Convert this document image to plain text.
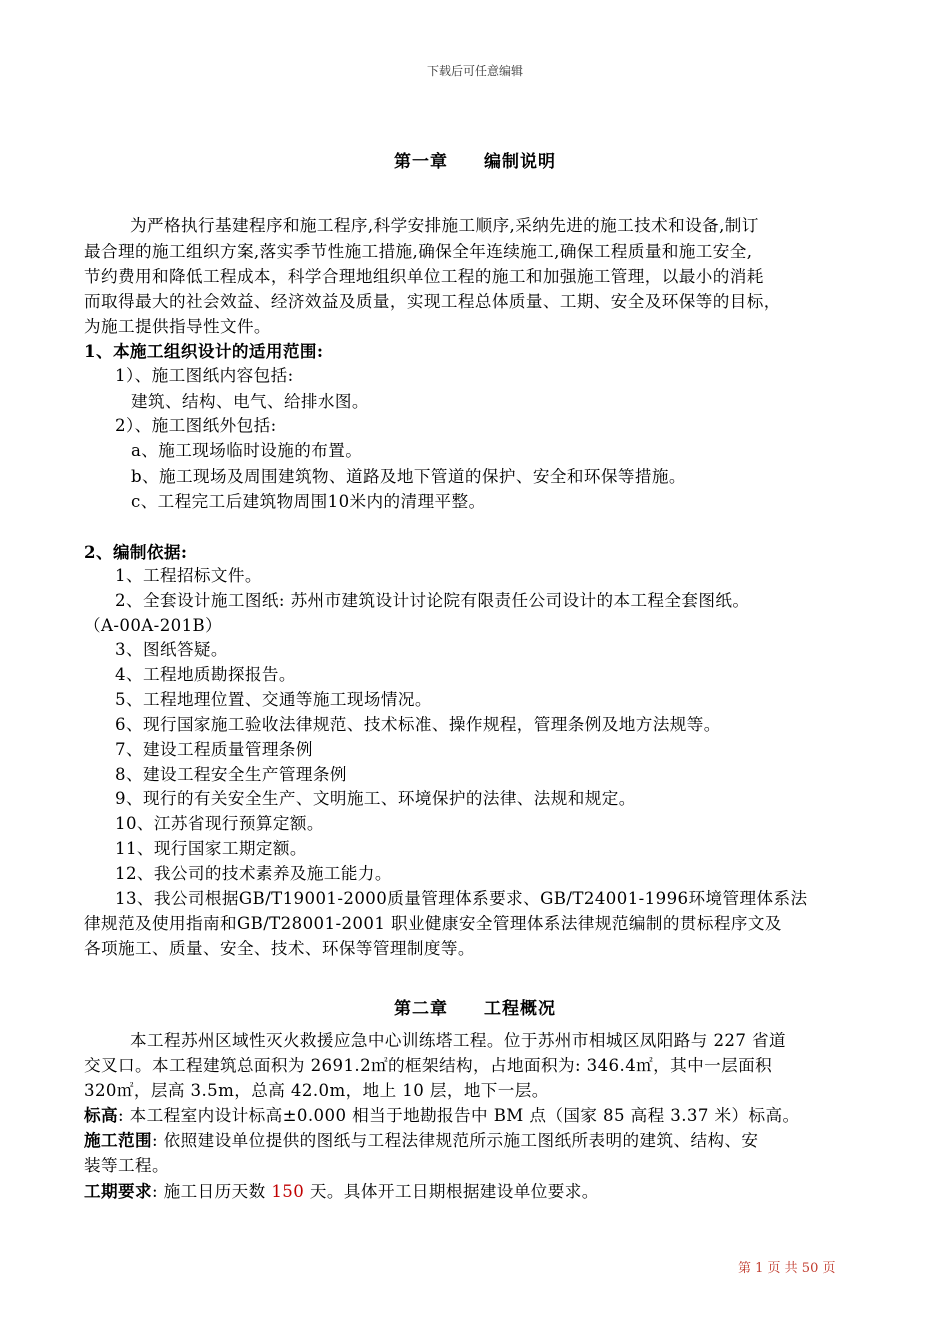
下载后可任意编辑
第一章 编制说明
为严格执行基建程序和施工程序,科学安排施工顺序,采纳先进的施工技术和设备,制订
最合理的施工组织方案,落实季节性施工措施,确保全年连续施工,确保工程质量和施工安全,
节约费用和降低工程成本，科学合理地组织单位工程的施工和加强施工管理，以最小的消耗
而取得最大的社会效益、经济效益及质量，实现工程总体质量、工期、安全及环保等的目标，
为施工提供指导性文件。
1、本施工组织设计的适用范围:
1）、施工图纸内容包括:
建筑、结构、电气、给排水图。
2）、施工图纸外包括:
a、施工现场临时设施的布置。
b、施工现场及周围建筑物、道路及地下管道的保护、安全和环保等措施。
c、工程完工后建筑物周围10米内的清理平整。
2、编制依据:
1、工程招标文件。
2、全套设计施工图纸: 苏州市建筑设计讨论院有限责任公司设计的本工程全套图纸。
（A-00A-201B）
3、图纸答疑。
4、工程地质勘探报告。
5、工程地理位置、交通等施工现场情况。
6、现行国家施工验收法律规范、技术标准、操作规程，管理条例及地方法规等。
7、建设工程质量管理条例
8、建设工程安全生产管理条例
9、现行的有关安全生产、文明施工、环境保护的法律、法规和规定。
10、江苏省现行预算定额。
11、现行国家工期定额。
12、我公司的技术素养及施工能力。
13、我公司根据GB/T19001-2000质量管理体系要求、GB/T24001-1996环境管理体系法
律规范及使用指南和GB/T28001-2001 职业健康安全管理体系法律规范编制的贯标程序文及
各项施工、质量、安全、技术、环保等管理制度等。
第二章 工程概况
本工程苏州区域性灭火救援应急中心训练塔工程。位于苏州市相城区凤阳路与 227 省道
交叉口。本工程建筑总面积为 2691.2㎡的框架结构，占地面积为: 346.4㎡，其中一层面积
320㎡，层高 3.5m，总高 42.0m，地上 10 层，地下一层。
标高: 本工程室内设计标高±0.000 相当于地勘报告中 BM 点（国家 85 高程 3.37 米）标高。
施工范围: 依照建设单位提供的图纸与工程法律规范所示施工图纸所表明的建筑、结构、安
装等工程。
工期要求: 施工日历天数 150 天。具体开工日期根据建设单位要求。
第 1 页 共 50 页
